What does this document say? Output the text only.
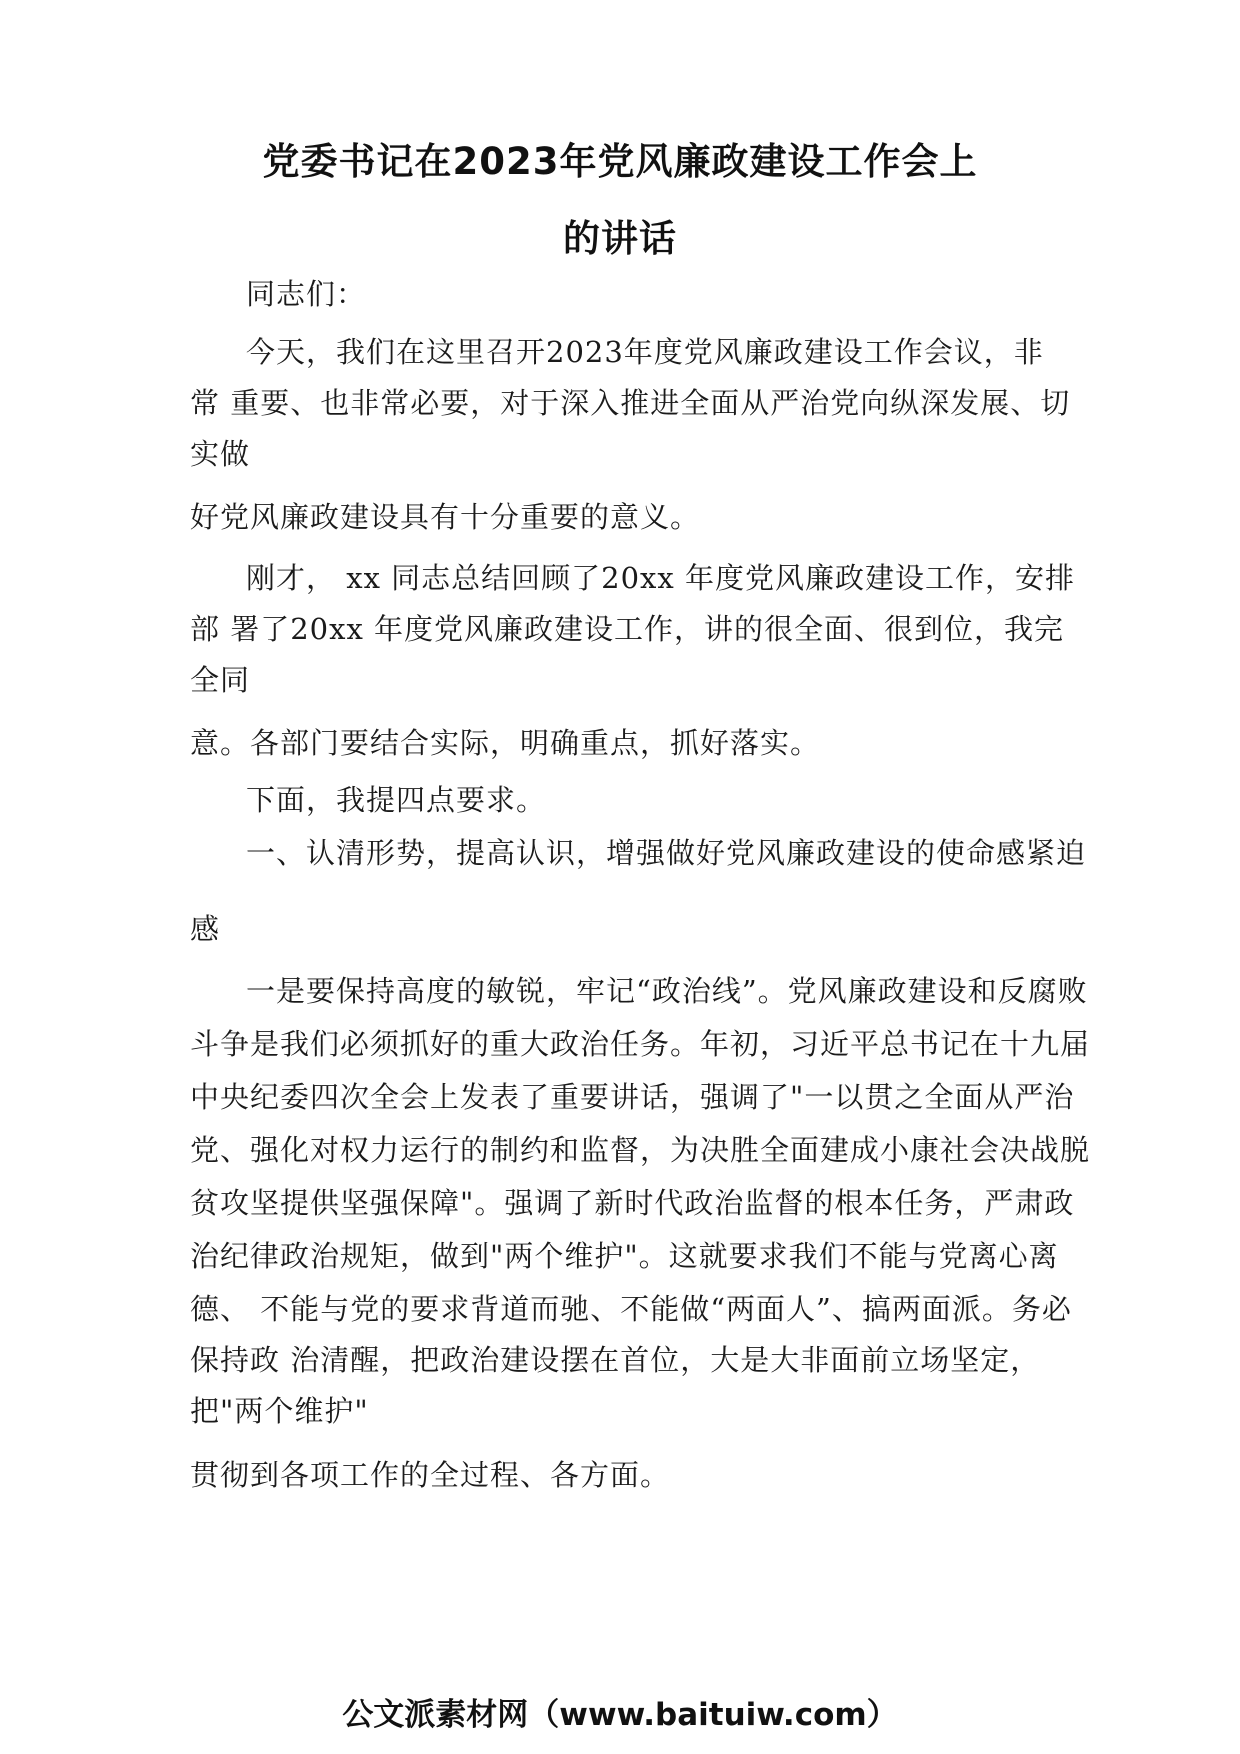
党委书记在2023年党风廉政建设工作会上
的讲话
同志们：
今天，我们在这里召开2023年度党风廉政建设工作会议，非
常 重要、也非常必要，对于深入推进全面从严治党向纵深发展、切
实做
好党风廉政建设具有十分重要的意义。
刚才， xx 同志总结回顾了20xx 年度党风廉政建设工作，安排
部 署了20xx 年度党风廉政建设工作，讲的很全面、很到位，我完
全同
意。各部门要结合实际，明确重点，抓好落实。
下面，我提四点要求。
一、认清形势，提高认识，增强做好党风廉政建设的使命感紧迫
感
一是要保持高度的敏锐，牢记“政治线”。党风廉政建设和反腐败
斗争是我们必须抓好的重大政治任务。年初，习近平总书记在十九届
中央纪委四次全会上发表了重要讲话，强调了"一以贯之全面从严治
党、强化对权力运行的制约和监督，为决胜全面建成小康社会决战脱
贫攻坚提供坚强保障"。强调了新时代政治监督的根本任务，严肃政
治纪律政治规矩，做到"两个维护"。这就要求我们不能与党离心离
德、 不能与党的要求背道而驰、不能做“两面人”、搞两面派。务必
保持政 治清醒，把政治建设摆在首位，大是大非面前立场坚定，
把"两个维护"
贯彻到各项工作的全过程、各方面。
公文派素材网（www.baituiw.com）
